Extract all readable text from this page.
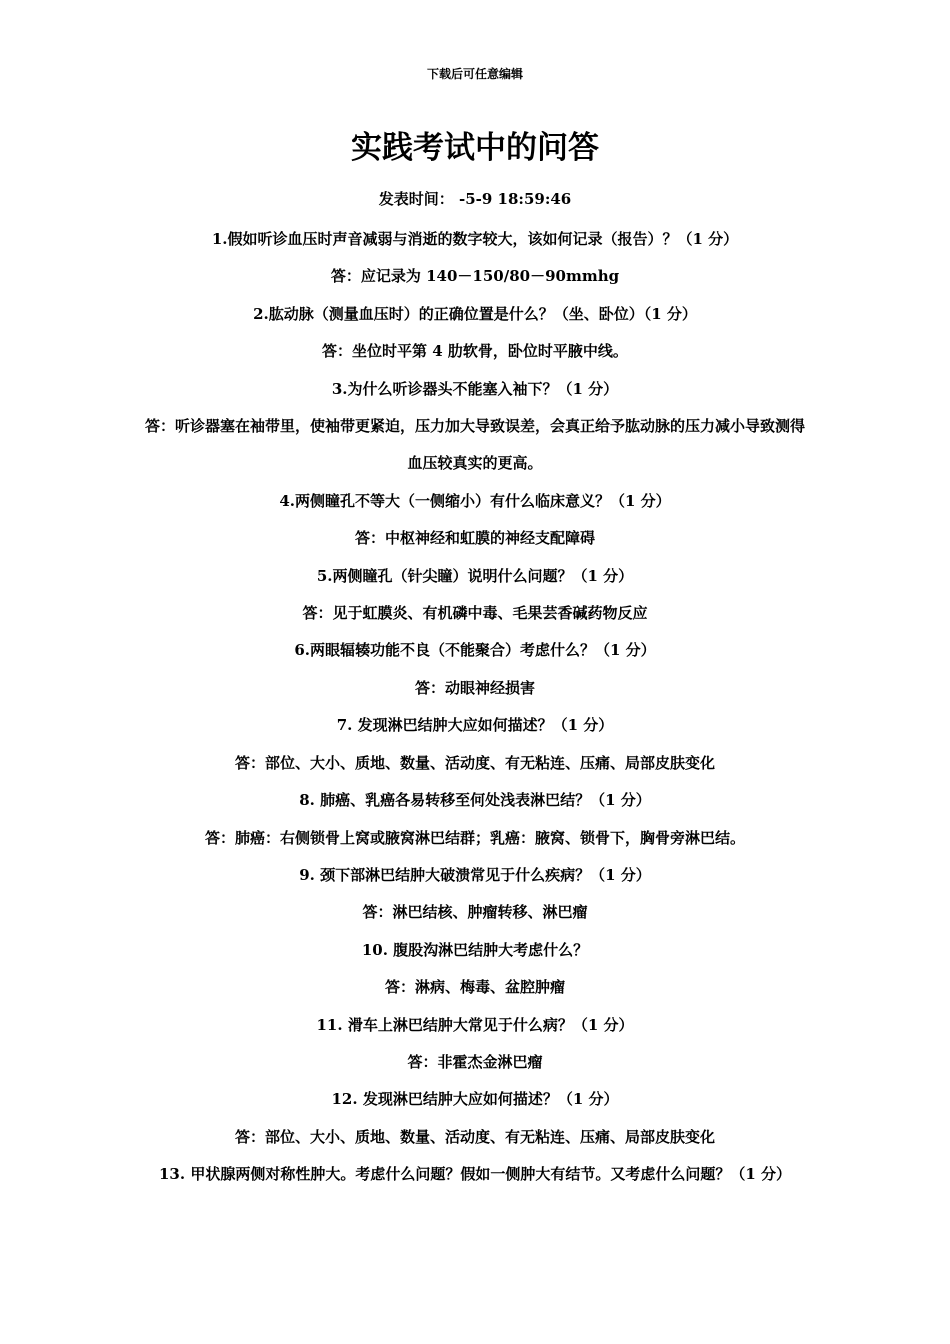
下载后可任意编辑
实践考试中的问答
发表时间： -5-9 18:59:46
1.假如听诊血压时声音减弱与消逝的数字较大，该如何记录（报告）？（1 分）
答：应记录为 140－150/80－90mmhg
2.肱动脉（测量血压时）的正确位置是什么？（坐、卧位）（1 分）
答：坐位时平第 4 肋软骨，卧位时平腋中线。
3.为什么听诊器头不能塞入袖下？（1 分）
答：听诊器塞在袖带里，使袖带更紧迫，压力加大导致误差，会真正给予肱动脉的压力减小导致测得血压较真实的更高。
4.两侧瞳孔不等大（一侧缩小）有什么临床意义？（1 分）
答：中枢神经和虹膜的神经支配障碍
5.两侧瞳孔（针尖瞳）说明什么问题？（1 分）
答：见于虹膜炎、有机磷中毒、毛果芸香碱药物反应
6.两眼辐辏功能不良（不能聚合）考虑什么？（1 分）
答：动眼神经损害
7. 发现淋巴结肿大应如何描述？（1 分）
答：部位、大小、质地、数量、活动度、有无粘连、压痛、局部皮肤变化
8. 肺癌、乳癌各易转移至何处浅表淋巴结？（1 分）
答：肺癌：右侧锁骨上窝或腋窝淋巴结群；乳癌：腋窝、锁骨下，胸骨旁淋巴结。
9. 颈下部淋巴结肿大破溃常见于什么疾病？（1 分）
答：淋巴结核、肿瘤转移、淋巴瘤
10. 腹股沟淋巴结肿大考虑什么？
答：淋病、梅毒、盆腔肿瘤
11. 滑车上淋巴结肿大常见于什么病？（1 分）
答：非霍杰金淋巴瘤
12. 发现淋巴结肿大应如何描述？（1 分）
答：部位、大小、质地、数量、活动度、有无粘连、压痛、局部皮肤变化
13. 甲状腺两侧对称性肿大。考虑什么问题？假如一侧肿大有结节。又考虑什么问题？（1 分）
